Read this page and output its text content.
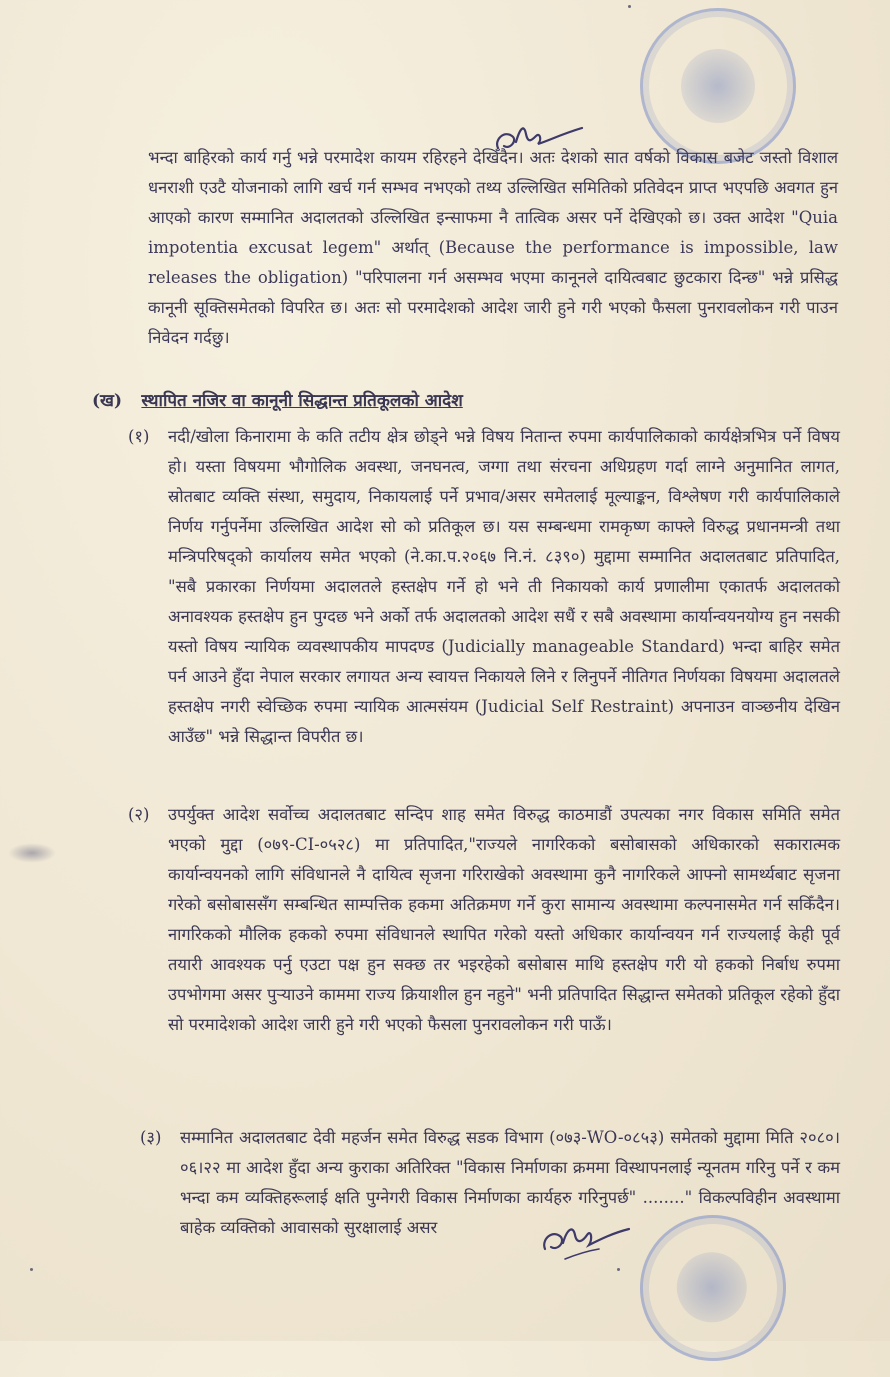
भन्दा बाहिरको कार्य गर्नु भन्ने परमादेश कायम रहिरहने देखिँदैन। अतः देशको सात वर्षको विकास बजेट जस्तो विशाल धनराशी एउटै योजनाको लागि खर्च गर्न सम्भव नभएको तथ्य उल्लिखित समितिको प्रतिवेदन प्राप्त भएपछि अवगत हुन आएको कारण सम्मानित अदालतको उल्लिखित इन्साफमा नै तात्विक असर पर्ने देखिएको छ। उक्त आदेश "Quia impotentia excusat legem" अर्थात् (Because the performance is impossible, law releases the obligation) "परिपालना गर्न असम्भव भएमा कानूनले दायित्वबाट छुटकारा दिन्छ" भन्ने प्रसिद्ध कानूनी सूक्तिसमेतको विपरित छ। अतः सो परमादेशको आदेश जारी हुने गरी भएको फैसला पुनरावलोकन गरी पाउन निवेदन गर्दछु।

(ख) स्थापित नजिर वा कानूनी सिद्धान्त प्रतिकूलको आदेश
(१)	नदी/खोला किनारामा के कति तटीय क्षेत्र छोड्ने भन्ने विषय नितान्त रुपमा कार्यपालिकाको कार्यक्षेत्रभित्र पर्ने विषय हो। यस्ता विषयमा भौगोलिक अवस्था, जनघनत्व, जग्गा तथा संरचना अधिग्रहण गर्दा लाग्ने अनुमानित लागत, स्रोतबाट व्यक्ति संस्था, समुदाय, निकायलाई पर्ने प्रभाव/असर समेतलाई मूल्याङ्कन, विश्लेषण गरी कार्यपालिकाले निर्णय गर्नुपर्नेमा उल्लिखित आदेश सो को प्रतिकूल छ। यस सम्बन्धमा रामकृष्ण काफ्ले विरुद्ध प्रधानमन्त्री तथा मन्त्रिपरिषद्को कार्यालय समेत भएको (ने.का.प.२०६७ नि.नं. ८३९०) मुद्दामा सम्मानित अदालतबाट प्रतिपादित, "सबै प्रकारका निर्णयमा अदालतले हस्तक्षेप गर्ने हो भने ती निकायको कार्य प्रणालीमा एकातर्फ अदालतको अनावश्यक हस्तक्षेप हुन पुग्दछ भने अर्को तर्फ अदालतको आदेश सधैं र सबै अवस्थामा कार्यान्वयनयोग्य हुन नसकी यस्तो विषय न्यायिक व्यवस्थापकीय मापदण्ड (Judicially manageable Standard) भन्दा बाहिर समेत पर्न आउने हुँदा नेपाल सरकार लगायत अन्य स्वायत्त निकायले लिने र लिनुपर्ने नीतिगत निर्णयका विषयमा अदालतले हस्तक्षेप नगरी स्वेच्छिक रुपमा न्यायिक आत्मसंयम (Judicial Self Restraint) अपनाउन वाञ्छनीय देखिन आउँछ" भन्ने सिद्धान्त विपरीत छ।
(२)	उपर्युक्त आदेश सर्वोच्च अदालतबाट सन्दिप शाह समेत विरुद्ध काठमाडौं उपत्यका नगर विकास समिति समेत भएको मुद्दा (०७९-CI-०५२८) मा प्रतिपादित,"राज्यले नागरिकको बसोबासको अधिकारको सकारात्मक कार्यान्वयनको लागि संविधानले नै दायित्व सृजना गरिराखेको अवस्थामा कुनै नागरिकले आफ्नो सामर्थ्यबाट सृजना गरेको बसोबाससँग सम्बन्धित साम्पत्तिक हकमा अतिक्रमण गर्ने कुरा सामान्य अवस्थामा कल्पनासमेत गर्न सकिँदैन। नागरिकको मौलिक हकको रुपमा संविधानले स्थापित गरेको यस्तो अधिकार कार्यान्वयन गर्न राज्यलाई केही पूर्व तयारी आवश्यक पर्नु एउटा पक्ष हुन सक्छ तर भइरहेको बसोबास माथि हस्तक्षेप गरी यो हकको निर्बाध रुपमा उपभोगमा असर पुऱ्याउने काममा राज्य क्रियाशील हुन नहुने" भनी प्रतिपादित सिद्धान्त समेतको प्रतिकूल रहेको हुँदा सो परमादेशको आदेश जारी हुने गरी भएको फैसला पुनरावलोकन गरी पाऊँ।
(३)	सम्मानित अदालतबाट देवी महर्जन समेत विरुद्ध सडक विभाग (०७३-WO-०८५३) समेतको मुद्दामा मिति २०८०।०६।२२ मा आदेश हुँदा अन्य कुराका अतिरिक्त "विकास निर्माणका क्रममा विस्थापनलाई न्यूनतम गरिनु पर्ने र कम भन्दा कम व्यक्तिहरूलाई क्षति पुग्नेगरी विकास निर्माणका कार्यहरु गरिनुपर्छ" ........" विकल्पविहीन अवस्थामा बाहेक व्यक्तिको आवासको सुरक्षालाई असर
